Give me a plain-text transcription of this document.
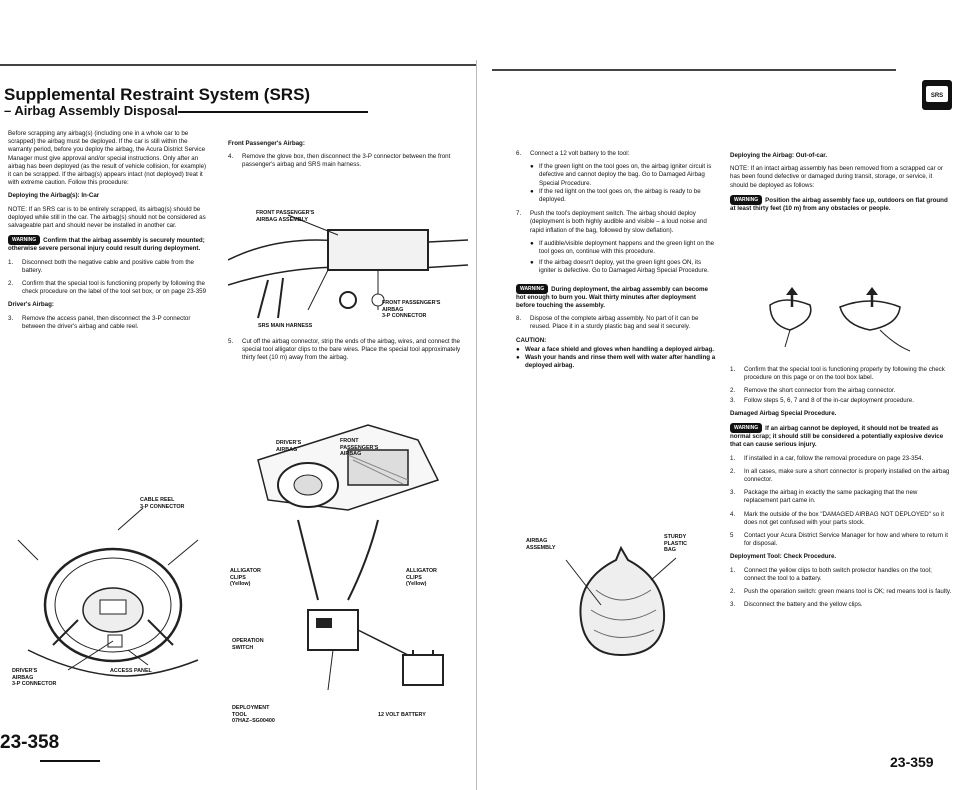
Supplemental Restraint System (SRS)
– Airbag Assembly Disposal

Before scrapping any airbag(s) (including one in a whole car to be scrapped) the airbag must be deployed. If the car is still within the warranty period, before you deploy the airbag, the Acura District Service Manager must give approval and/or special instructions. Only after an airbag has been deployed (as the result of vehicle collision, for example) it can be scrapped. If the airbag(s) appears intact (not deployed) treat it with extreme caution. Follow this procedure:

Deploying the Airbag(s): In-Car

NOTE: If an SRS car is to be entirely scrapped, its airbag(s) should be deployed while still in the car. The airbag(s) should not be considered as salvageable part and should never be installed in another car.

WARNING Confirm that the airbag assembly is securely mounted; otherwise severe personal injury could result during deployment.

1.	Disconnect both the negative cable and positive cable from the battery.
2.	Confirm that the special tool is functioning properly by following the check procedure on the label of the tool set box, or on page 23-359

Driver's Airbag:

3.	Remove the access panel, then disconnect the 3-P connector between the driver's airbag and cable reel.
CABLE REEL
3-P CONNECTOR
DRIVER'S
AIRBAG
3-P CONNECTOR
ACCESS PANEL

Front Passenger's Airbag:

4.	Remove the glove box, then disconnect the 3-P connector between the front passenger's airbag and SRS main harness.
FRONT PASSENGER'S
AIRBAG ASSEMBLY
FRONT PASSENGER'S
AIRBAG
3-P CONNECTOR
SRS MAIN HARNESS
5.	Cut off the airbag connector, strip the ends of the airbag, wires, and connect the special tool alligator clips to the bare wires. Place the special tool approximately thirty feet (10 m) away from the airbag.
DRIVER'S
AIRBAG
FRONT
PASSENGER'S
AIRBAG
ALLIGATOR
CLIPS
(Yellow)
ALLIGATOR
CLIPS
(Yellow)
OPERATION
SWITCH
DEPLOYMENT
TOOL
07HAZ–SG00400
12 VOLT BATTERY
23-358
SRS
6.	Connect a 12 volt battery to the tool:
● If the green light on the tool goes on, the airbag igniter circuit is defective and cannot deploy the bag. Go to Damaged Airbag Special Procedure.
● If the red light on the tool goes on, the airbag is ready to be deployed.
7.	Push the tool's deployment switch. The airbag should deploy (deployment is both highly audible and visible – a loud noise and rapid inflation of the bag, followed by slow deflation).
● If audible/visible deployment happens and the green light on the tool goes on, continue with this procedure.
● If the airbag doesn't deploy, yet the green light goes ON, its igniter is defective. Go to Damaged Airbag Special Procedure.

WARNING During deployment, the airbag assembly can become hot enough to burn you. Wait thirty minutes after deployment before touching the assembly.

8.	Dispose of the complete airbag assembly. No part of it can be reused. Place it in a sturdy plastic bag and seal it securely.

CAUTION:

● Wear a face shield and gloves when handling a deployed airbag.
● Wash your hands and rinse them well with water after handling a deployed airbag.
AIRBAG
ASSEMBLY
STURDY
PLASTIC
BAG

Deploying the Airbag: Out-of-car.

NOTE: If an intact airbag assembly has been removed from a scrapped car or has been found defective or damaged during transit, storage, or service, it should be deployed as follows:

WARNING Position the airbag assembly face up, outdoors on flat ground at least thirty feet (10 m) from any obstacles or people.

1.	Confirm that the special tool is functioning properly by following the check procedure on this page or on the tool box label.
2.	Remove the short connector from the airbag connector.
3.	Follow steps 5, 6, 7 and 8 of the in-car deployment procedure.

Damaged Airbag Special Procedure.

WARNING If an airbag cannot be deployed, it should not be treated as normal scrap; it should still be considered a potentially explosive device that can cause serious injury.

1.	If installed in a car, follow the removal procedure on page 23-354.
2.	In all cases, make sure a short connector is properly installed on the airbag connector.
3.	Package the airbag in exactly the same packaging that the new replacement part came in.
4.	Mark the outside of the box "DAMAGED AIRBAG NOT DEPLOYED" so it does not get confused with your parts stock.
5	Contact your Acura District Service Manager for how and where to return it for disposal.

Deployment Tool: Check Procedure.

1.	Connect the yellow clips to both switch protector handles on the tool; connect the tool to a battery.
2.	Push the operation switch: green means tool is OK; red means tool is faulty.
3.	Disconnect the battery and the yellow clips.
23-359
